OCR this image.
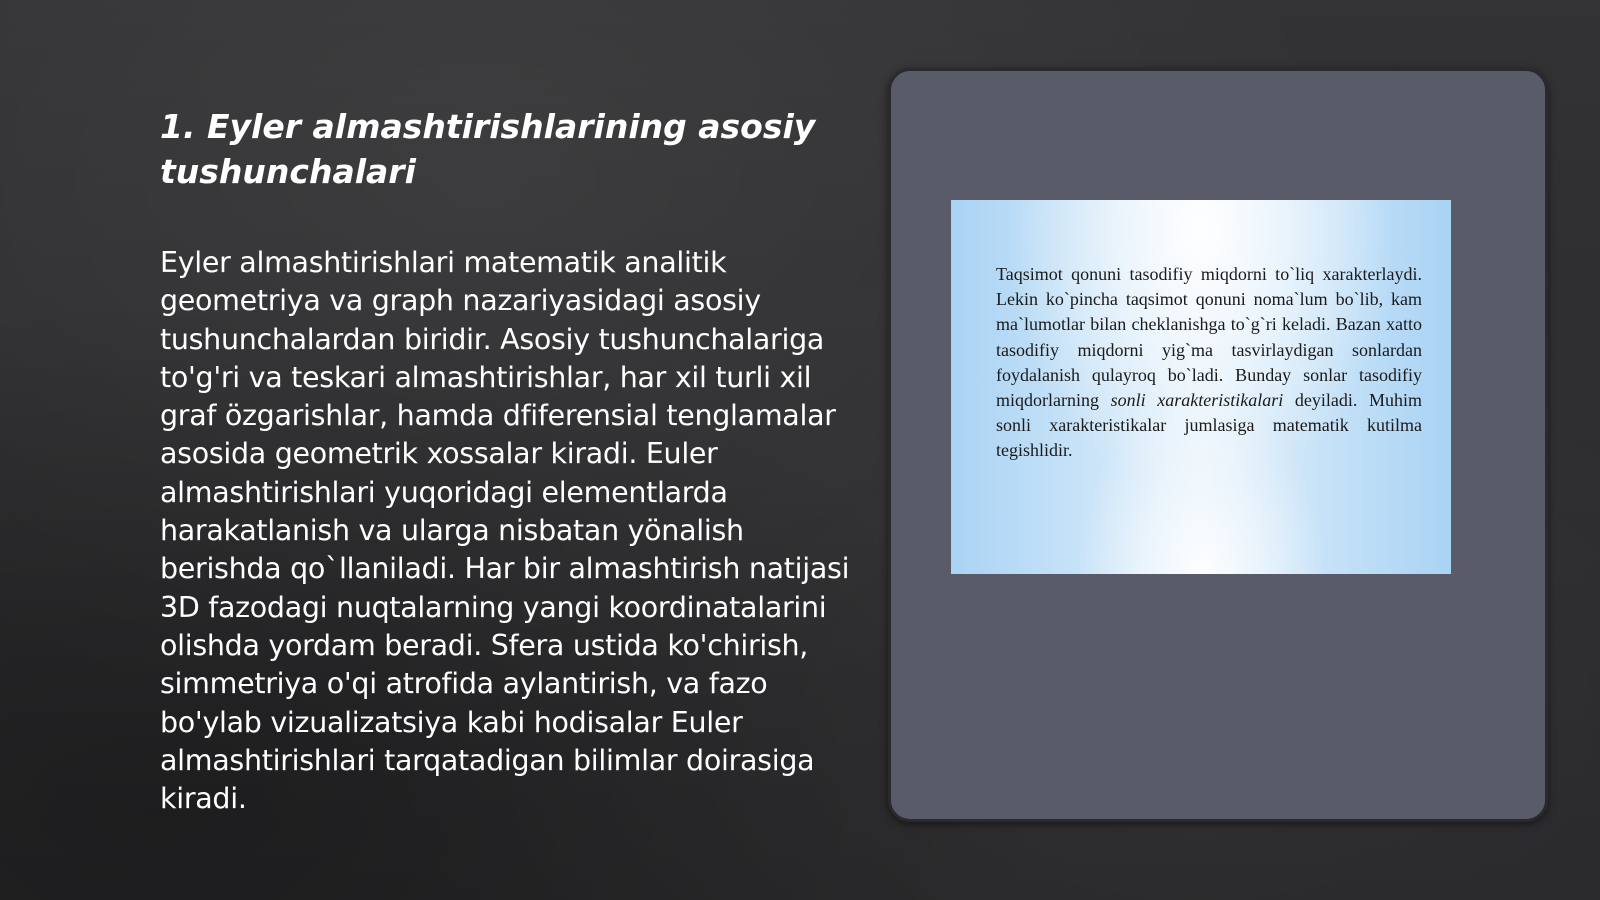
1. Eyler almashtirishlarining asosiy tushunchalari

Eyler almashtirishlari matematik analitik geometriya va graph nazariyasidagi asosiy tushunchalardan biridir. Asosiy tushunchalariga to'g'ri va teskari almashtirishlar, har xil turli xil graf özgarishlar, hamda dfiferensial tenglamalar asosida geometrik xossalar kiradi. Euler almashtirishlari yuqoridagi elementlarda harakatlanish va ularga nisbatan yönalish berishda qo`llaniladi. Har bir almashtirish natijasi 3D fazodagi nuqtalarning yangi koordinatalarini olishda yordam beradi. Sfera ustida ko'chirish, simmetriya o'qi atrofida aylantirish, va fazo bo'ylab vizualizatsiya kabi hodisalar Euler almashtirishlari tarqatadigan bilimlar doirasiga kiradi.

Taqsimot qonuni tasodifiy miqdorni to`liq xarakterlaydi. Lekin ko`pincha taqsimot qonuni noma`lum bo`lib, kam ma`lumotlar bilan cheklanishga to`g`ri keladi. Bazan xatto tasodifiy miqdorni yig`ma tasvirlaydigan sonlardan foydalanish qulayroq bo`ladi. Bunday sonlar tasodifiy miqdorlarning sonli xarakteristikalari deyiladi. Muhim sonli xarakteristikalar jumlasiga matematik kutilma tegishlidir.
